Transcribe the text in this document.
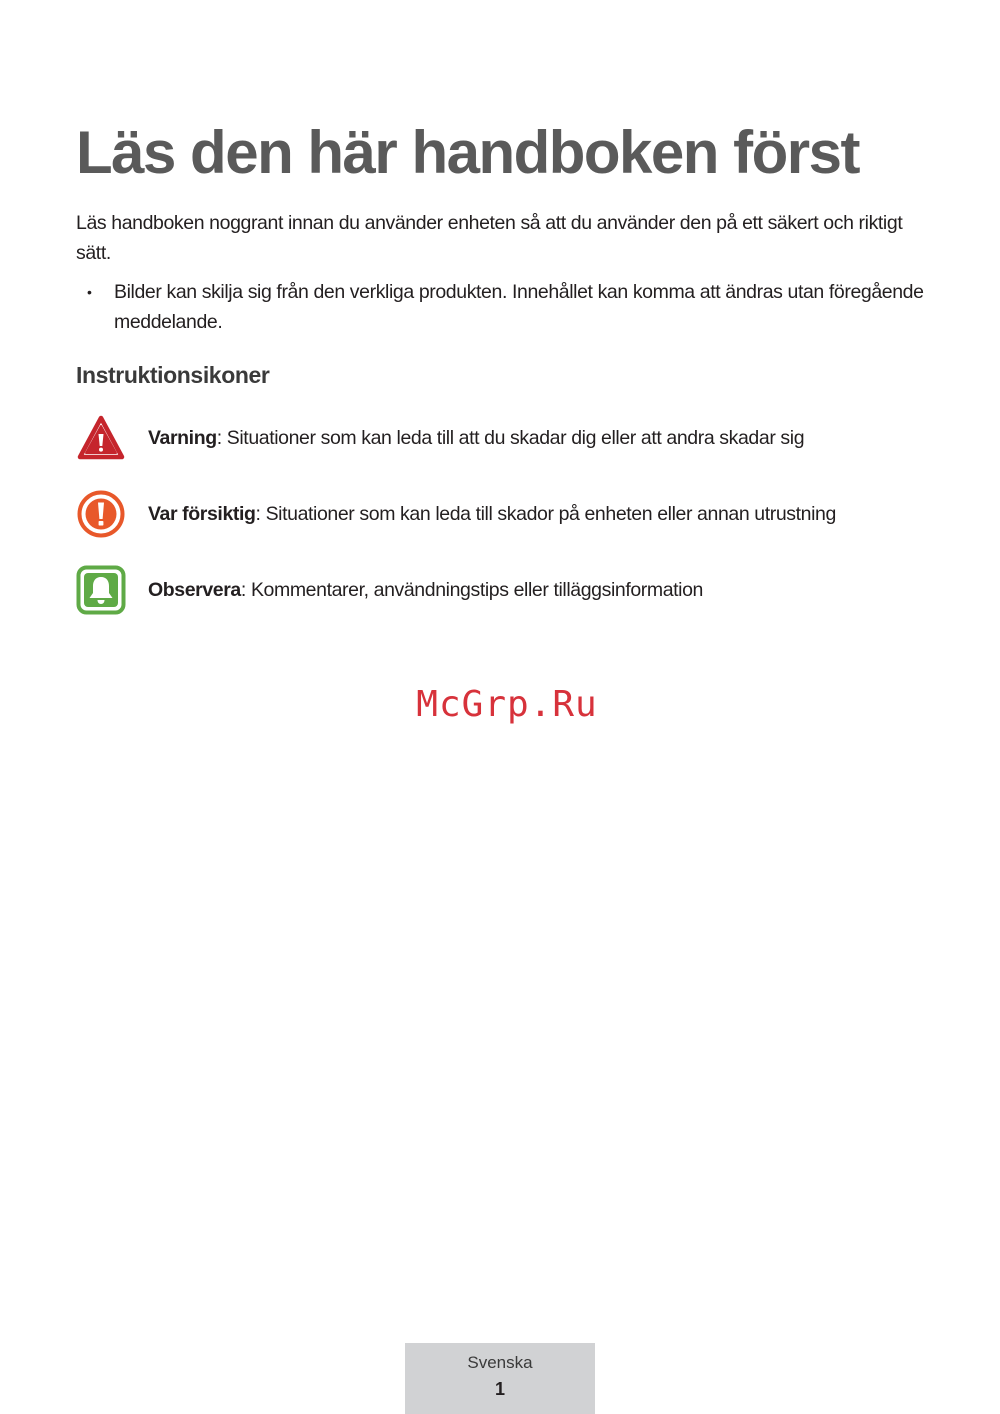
Läs den här handboken först

Läs handboken noggrant innan du använder enheten så att du använder den på ett säkert och riktigt sätt.

• Bilder kan skilja sig från den verkliga produkten. Innehållet kan komma att ändras utan föregående meddelande.
Instruktionsikoner
Varning: Situationer som kan leda till att du skadar dig eller att andra skadar sig
Var försiktig: Situationer som kan leda till skador på enheten eller annan utrustning
Observera: Kommentarer, användningstips eller tilläggsinformation
McGrp.Ru
Svenska
1
